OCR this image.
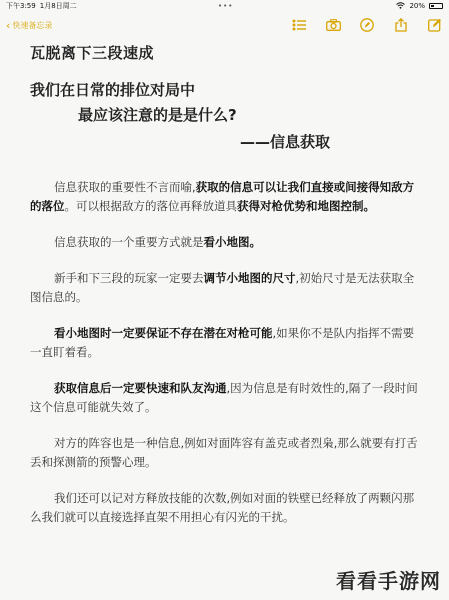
下午3:59 1月8日周二	•••	20%
‹ 快速备忘录
瓦脱离下三段速成
我们在日常的排位对局中
最应该注意的是是什么?
——信息获取

信息获取的重要性不言而喻,获取的信息可以让我们直接或间接得知敌方的落位。可以根据敌方的落位再释放道具获得对枪优势和地图控制。

信息获取的一个重要方式就是看小地图。

新手和下三段的玩家一定要去调节小地图的尺寸,初始尺寸是无法获取全图信息的。

看小地图时一定要保证不存在潜在对枪可能,如果你不是队内指挥不需要一直盯着看。

获取信息后一定要快速和队友沟通,因为信息是有时效性的,隔了一段时间这个信息可能就失效了。

对方的阵容也是一种信息,例如对面阵容有盖克或者烈枭,那么就要有打舌丢和探测箭的预警心理。

我们还可以记对方释放技能的次数,例如对面的铁壁已经释放了两颗闪那么我们就可以直接选择直架不用担心有闪光的干扰。

看看手游网
